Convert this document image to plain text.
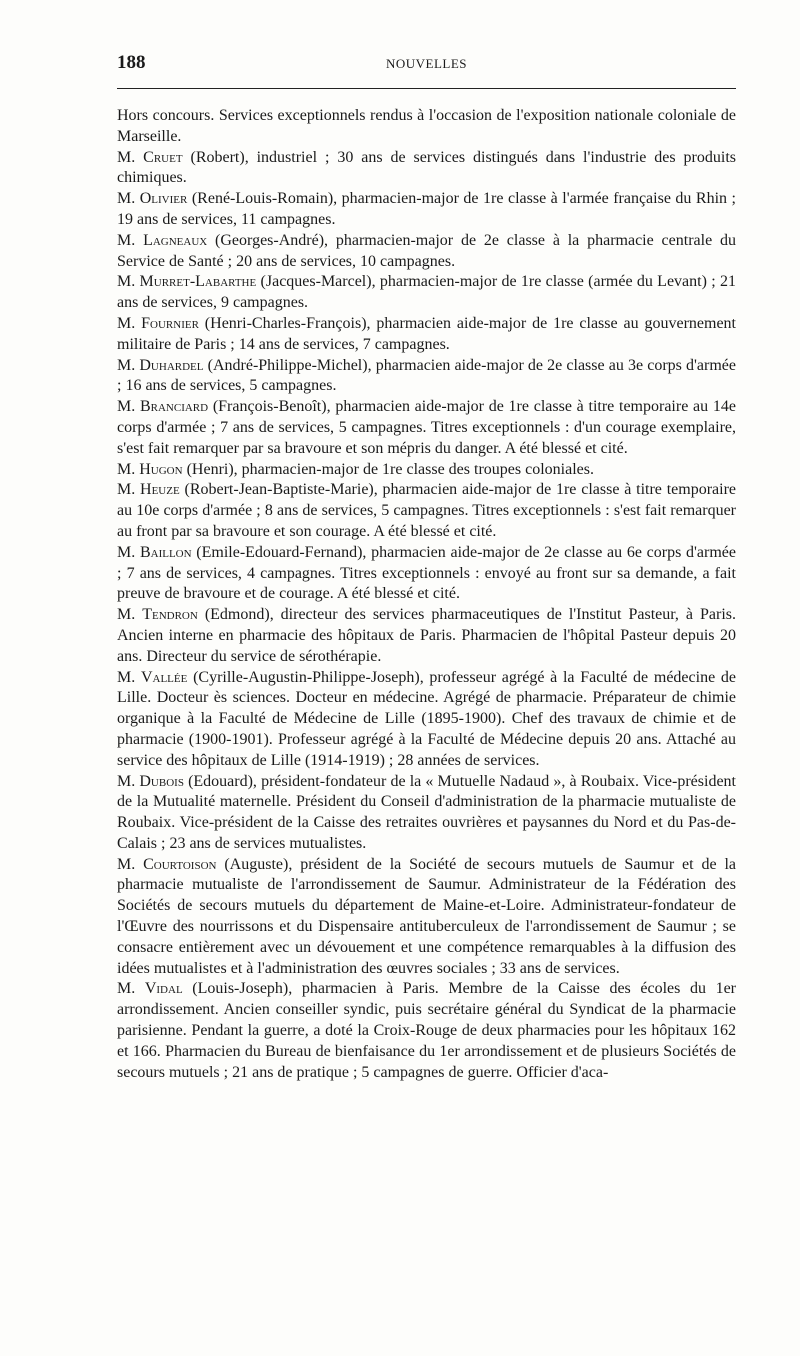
188	NOUVELLES

Hors concours. Services exceptionnels rendus à l'occasion de l'exposition nationale coloniale de Marseille.

M. Cruet (Robert), industriel ; 30 ans de services distingués dans l'industrie des produits chimiques.

M. Olivier (René-Louis-Romain), pharmacien-major de 1re classe à l'armée française du Rhin ; 19 ans de services, 11 campagnes.

M. Lagneaux (Georges-André), pharmacien-major de 2e classe à la pharmacie centrale du Service de Santé ; 20 ans de services, 10 campagnes.

M. Murret-Labarthe (Jacques-Marcel), pharmacien-major de 1re classe (armée du Levant) ; 21 ans de services, 9 campagnes.

M. Fournier (Henri-Charles-François), pharmacien aide-major de 1re classe au gouvernement militaire de Paris ; 14 ans de services, 7 campagnes.

M. Duhardel (André-Philippe-Michel), pharmacien aide-major de 2e classe au 3e corps d'armée ; 16 ans de services, 5 campagnes.

M. Branciard (François-Benoît), pharmacien aide-major de 1re classe à titre temporaire au 14e corps d'armée ; 7 ans de services, 5 campagnes. Titres exceptionnels : d'un courage exemplaire, s'est fait remarquer par sa bravoure et son mépris du danger. A été blessé et cité.

M. Hugon (Henri), pharmacien-major de 1re classe des troupes coloniales.

M. Heuze (Robert-Jean-Baptiste-Marie), pharmacien aide-major de 1re classe à titre temporaire au 10e corps d'armée ; 8 ans de services, 5 campagnes. Titres exceptionnels : s'est fait remarquer au front par sa bravoure et son courage. A été blessé et cité.

M. Baillon (Emile-Edouard-Fernand), pharmacien aide-major de 2e classe au 6e corps d'armée ; 7 ans de services, 4 campagnes. Titres exceptionnels : envoyé au front sur sa demande, a fait preuve de bravoure et de courage. A été blessé et cité.

M. Tendron (Edmond), directeur des services pharmaceutiques de l'Institut Pasteur, à Paris. Ancien interne en pharmacie des hôpitaux de Paris. Pharmacien de l'hôpital Pasteur depuis 20 ans. Directeur du service de sérothérapie.

M. Vallée (Cyrille-Augustin-Philippe-Joseph), professeur agrégé à la Faculté de médecine de Lille. Docteur ès sciences. Docteur en médecine. Agrégé de pharmacie. Préparateur de chimie organique à la Faculté de Médecine de Lille (1895-1900). Chef des travaux de chimie et de pharmacie (1900-1901). Professeur agrégé à la Faculté de Médecine depuis 20 ans. Attaché au service des hôpitaux de Lille (1914-1919) ; 28 années de services.

M. Dubois (Edouard), président-fondateur de la « Mutuelle Nadaud », à Roubaix. Vice-président de la Mutualité maternelle. Président du Conseil d'administration de la pharmacie mutualiste de Roubaix. Vice-président de la Caisse des retraites ouvrières et paysannes du Nord et du Pas-de-Calais ; 23 ans de services mutualistes.

M. Courtoison (Auguste), président de la Société de secours mutuels de Saumur et de la pharmacie mutualiste de l'arrondissement de Saumur. Administrateur de la Fédération des Sociétés de secours mutuels du département de Maine-et-Loire. Administrateur-fondateur de l'Œuvre des nourrissons et du Dispensaire antituberculeux de l'arrondissement de Saumur ; se consacre entièrement avec un dévouement et une compétence remarquables à la diffusion des idées mutualistes et à l'administration des œuvres sociales ; 33 ans de services.

M. Vidal (Louis-Joseph), pharmacien à Paris. Membre de la Caisse des écoles du 1er arrondissement. Ancien conseiller syndic, puis secrétaire général du Syndicat de la pharmacie parisienne. Pendant la guerre, a doté la Croix-Rouge de deux pharmacies pour les hôpitaux 162 et 166. Pharmacien du Bureau de bienfaisance du 1er arrondissement et de plusieurs Sociétés de secours mutuels ; 21 ans de pratique ; 5 campagnes de guerre. Officier d'aca-
